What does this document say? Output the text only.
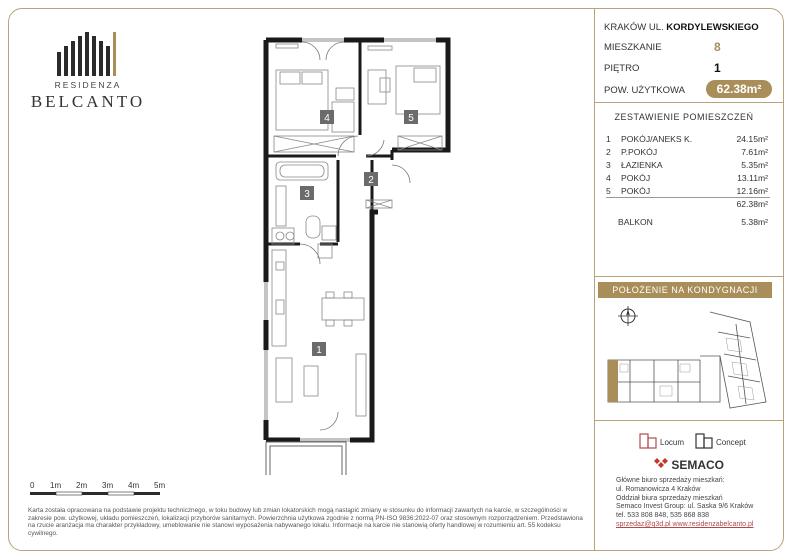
RESIDENZA
BELCANTO
4	5
3
2
1
0 1m 2m 3m 4m 5m
Karta została opracowana na podstawie projektu technicznego, w toku budowy lub zmian lokatorskich mogą nastąpić zmiany w stosunku do informacji zawartych na karcie, w szczególności w zakresie pow. użytkowej, układu pomieszczeń, lokalizacji przyborów sanitarnych. Powierzchnia użytkowa zgodnie z normą PN-ISO 9836:2022-07 oraz stosownym rozporządzeniem. Przedstawiona na rzucie aranżacja ma charakter przykładowy, umeblowanie nie stanowi wyposażenia nabywanego lokalu. Informacje na karcie nie stanowią oferty handlowej w rozumieniu art. 55 kodeksu cywilnego.
KRAKÓW UL. KORDYLEWSKIEGO
MIESZKANIE	8
PIĘTRO	1
POW. UŻYTKOWA	62.38m²
ZESTAWIENIE POMIESZCZEŃ
1 POKÓJ/ANEKS K.	24.15m²
2 P.POKÓJ	7.61m²
3 ŁAZIENKA	5.35m²
4 POKÓJ	13.11m²
5 POKÓJ	12.16m²
62.38m²
BALKON	5.38m²
POŁOŻENIE NA KONDYGNACJI
Locum	Concept
SEMACO
Główne biuro sprzedaży mieszkań:
ul. Romanowicza 4 Kraków
Oddział biura sprzedaży mieszkań
Semaco Invest Group: ul. Saska 9/6 Kraków
tel. 533 808 848, 535 868 838
sprzedaz@q3d.pl www.residenzabelcanto.pl
